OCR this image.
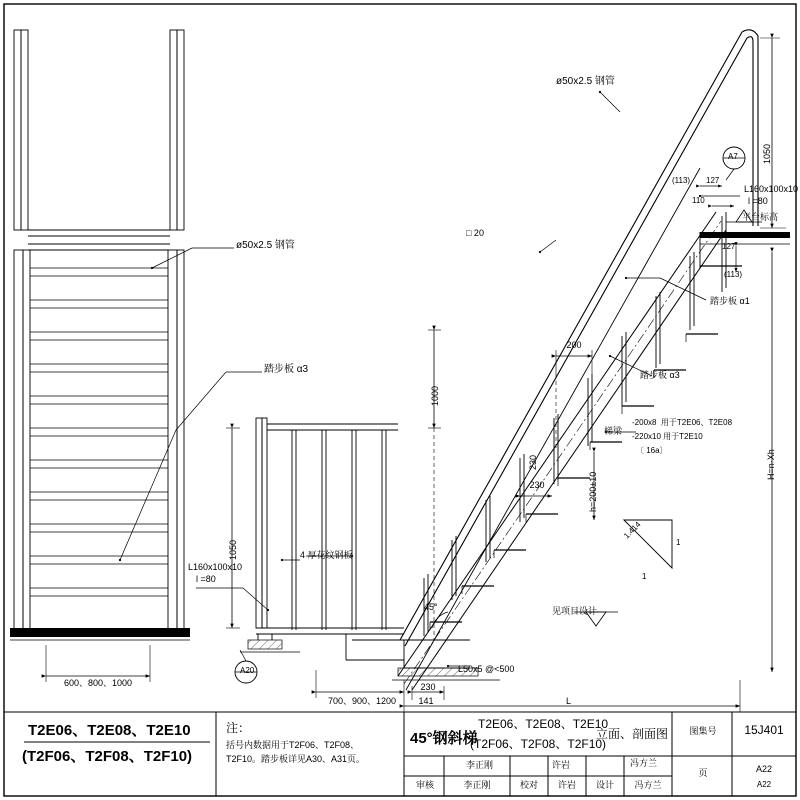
ø50x2.5 钢管
踏步板 α3
600、800、1000
T2E06、T2E08、T2E10
(T2F06、T2F08、T2F10)
注：
括号内数据用于T2F06、T2F08、
T2F10。踏步板详见A30、A31页。
1050
L160x100x10
l =80
4 厚花纹钢板
700、900、1200
A20
ø50x2.5 钢管
□ 20
踏步板 α1
踏步板 α3
梯梁
-200x8  用于T2E06、T2E08
-220x10 用于T2E10
〔 16a〕
L160x100x10
l =80
平台标高
L50x5 @<500
见项目设计
1050
1000
H=n·Xh
200
230	h=200±10
230
230
141	L
(113) 127
110
127
(113)
A7
45°
1.414
1
1
45°钢斜梯
T2E06、T2E08、T2E10
(T2F06、T2F08、T2F10)
立面、剖面图	图集号	15J401
页	A22
A22
审核	李正刚	校对	许岩	设计	冯方兰
李正刚	许岩	冯方兰
